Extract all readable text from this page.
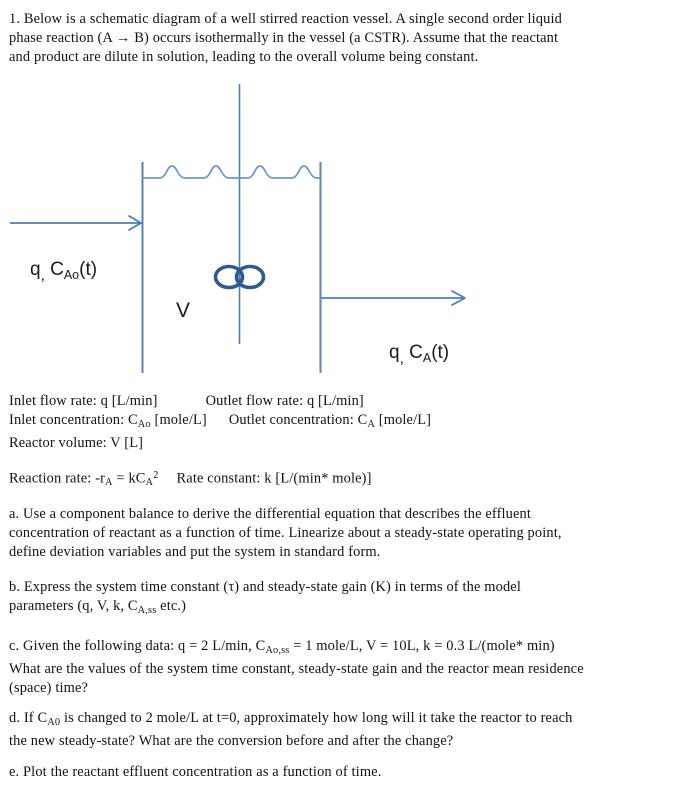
1. Below is a schematic diagram of a well stirred reaction vessel. A single second order liquid
phase reaction (A → B) occurs isothermally in the vessel (a CSTR). Assume that the reactant
and product are dilute in solution, leading to the overall volume being constant.
$q_,$ $C_{Ao}(t)$
$q_,$ $C_A(t)$
V
Inlet flow rate: q [L/min]	Outlet flow rate: q [L/min]
Inlet concentration: $C_{Ao}$ [mole/L] Outlet concentration: $C_A$ [mole/L]
Reactor volume: V [L]
Reaction rate: $-r_A = kC_A^2$ Rate constant: k [L/(min* mole)]
a. Use a component balance to derive the differential equation that describes the effluent
concentration of reactant as a function of time. Linearize about a steady-state operating point,
define deviation variables and put the system in standard form.
b. Express the system time constant (τ) and steady-state gain (K) in terms of the model
parameters (q, V, k, $C_{A,ss}$ etc.)
c. Given the following data: q = 2 L/min, $C_{Ao,ss} = 1$ mole/L, V = 10L, k = 0.3 L/(mole* min)
What are the values of the system time constant, steady-state gain and the reactor mean residence
(space) time?
d. If $C_{A0}$ is changed to 2 mole/L at t=0, approximately how long will it take the reactor to reach
the new steady-state? What are the conversion before and after the change?
e. Plot the reactant effluent concentration as a function of time.
